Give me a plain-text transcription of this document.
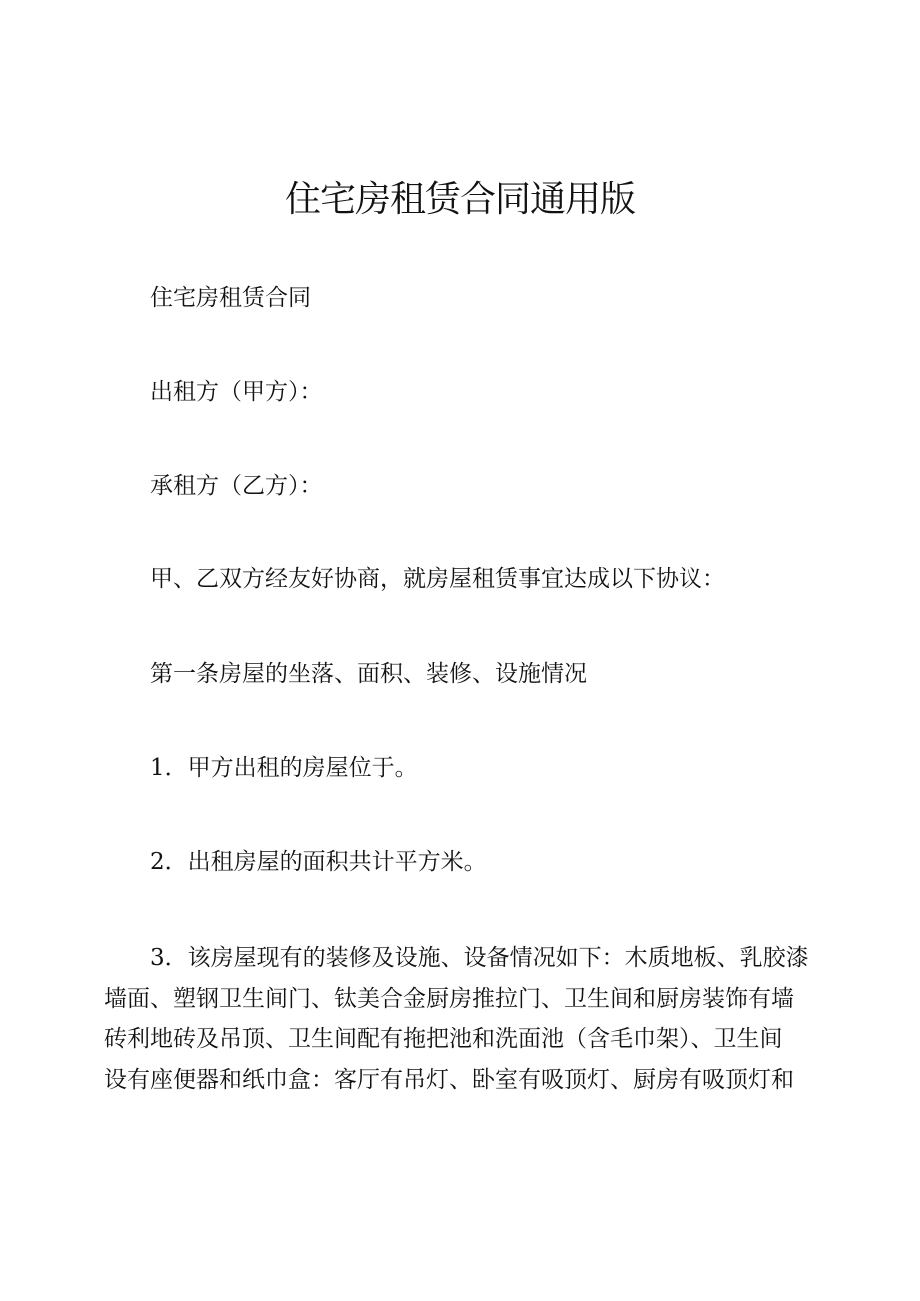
住宅房租赁合同通用版

住宅房租赁合同

出租方（甲方）：

承租方（乙方）：

甲、乙双方经友好协商，就房屋租赁事宜达成以下协议：

第一条房屋的坐落、面积、装修、设施情况

1．甲方出租的房屋位于。

2．出租房屋的面积共计平方米。

3．该房屋现有的装修及设施、设备情况如下：木质地板、乳胶漆
墙面、塑钢卫生间门、钛美合金厨房推拉门、卫生间和厨房装饰有墙
砖利地砖及吊顶、卫生间配有拖把池和洗面池（含毛巾架）、卫生间
设有座便器和纸巾盒：客厅有吊灯、卧室有吸顶灯、厨房有吸顶灯和
